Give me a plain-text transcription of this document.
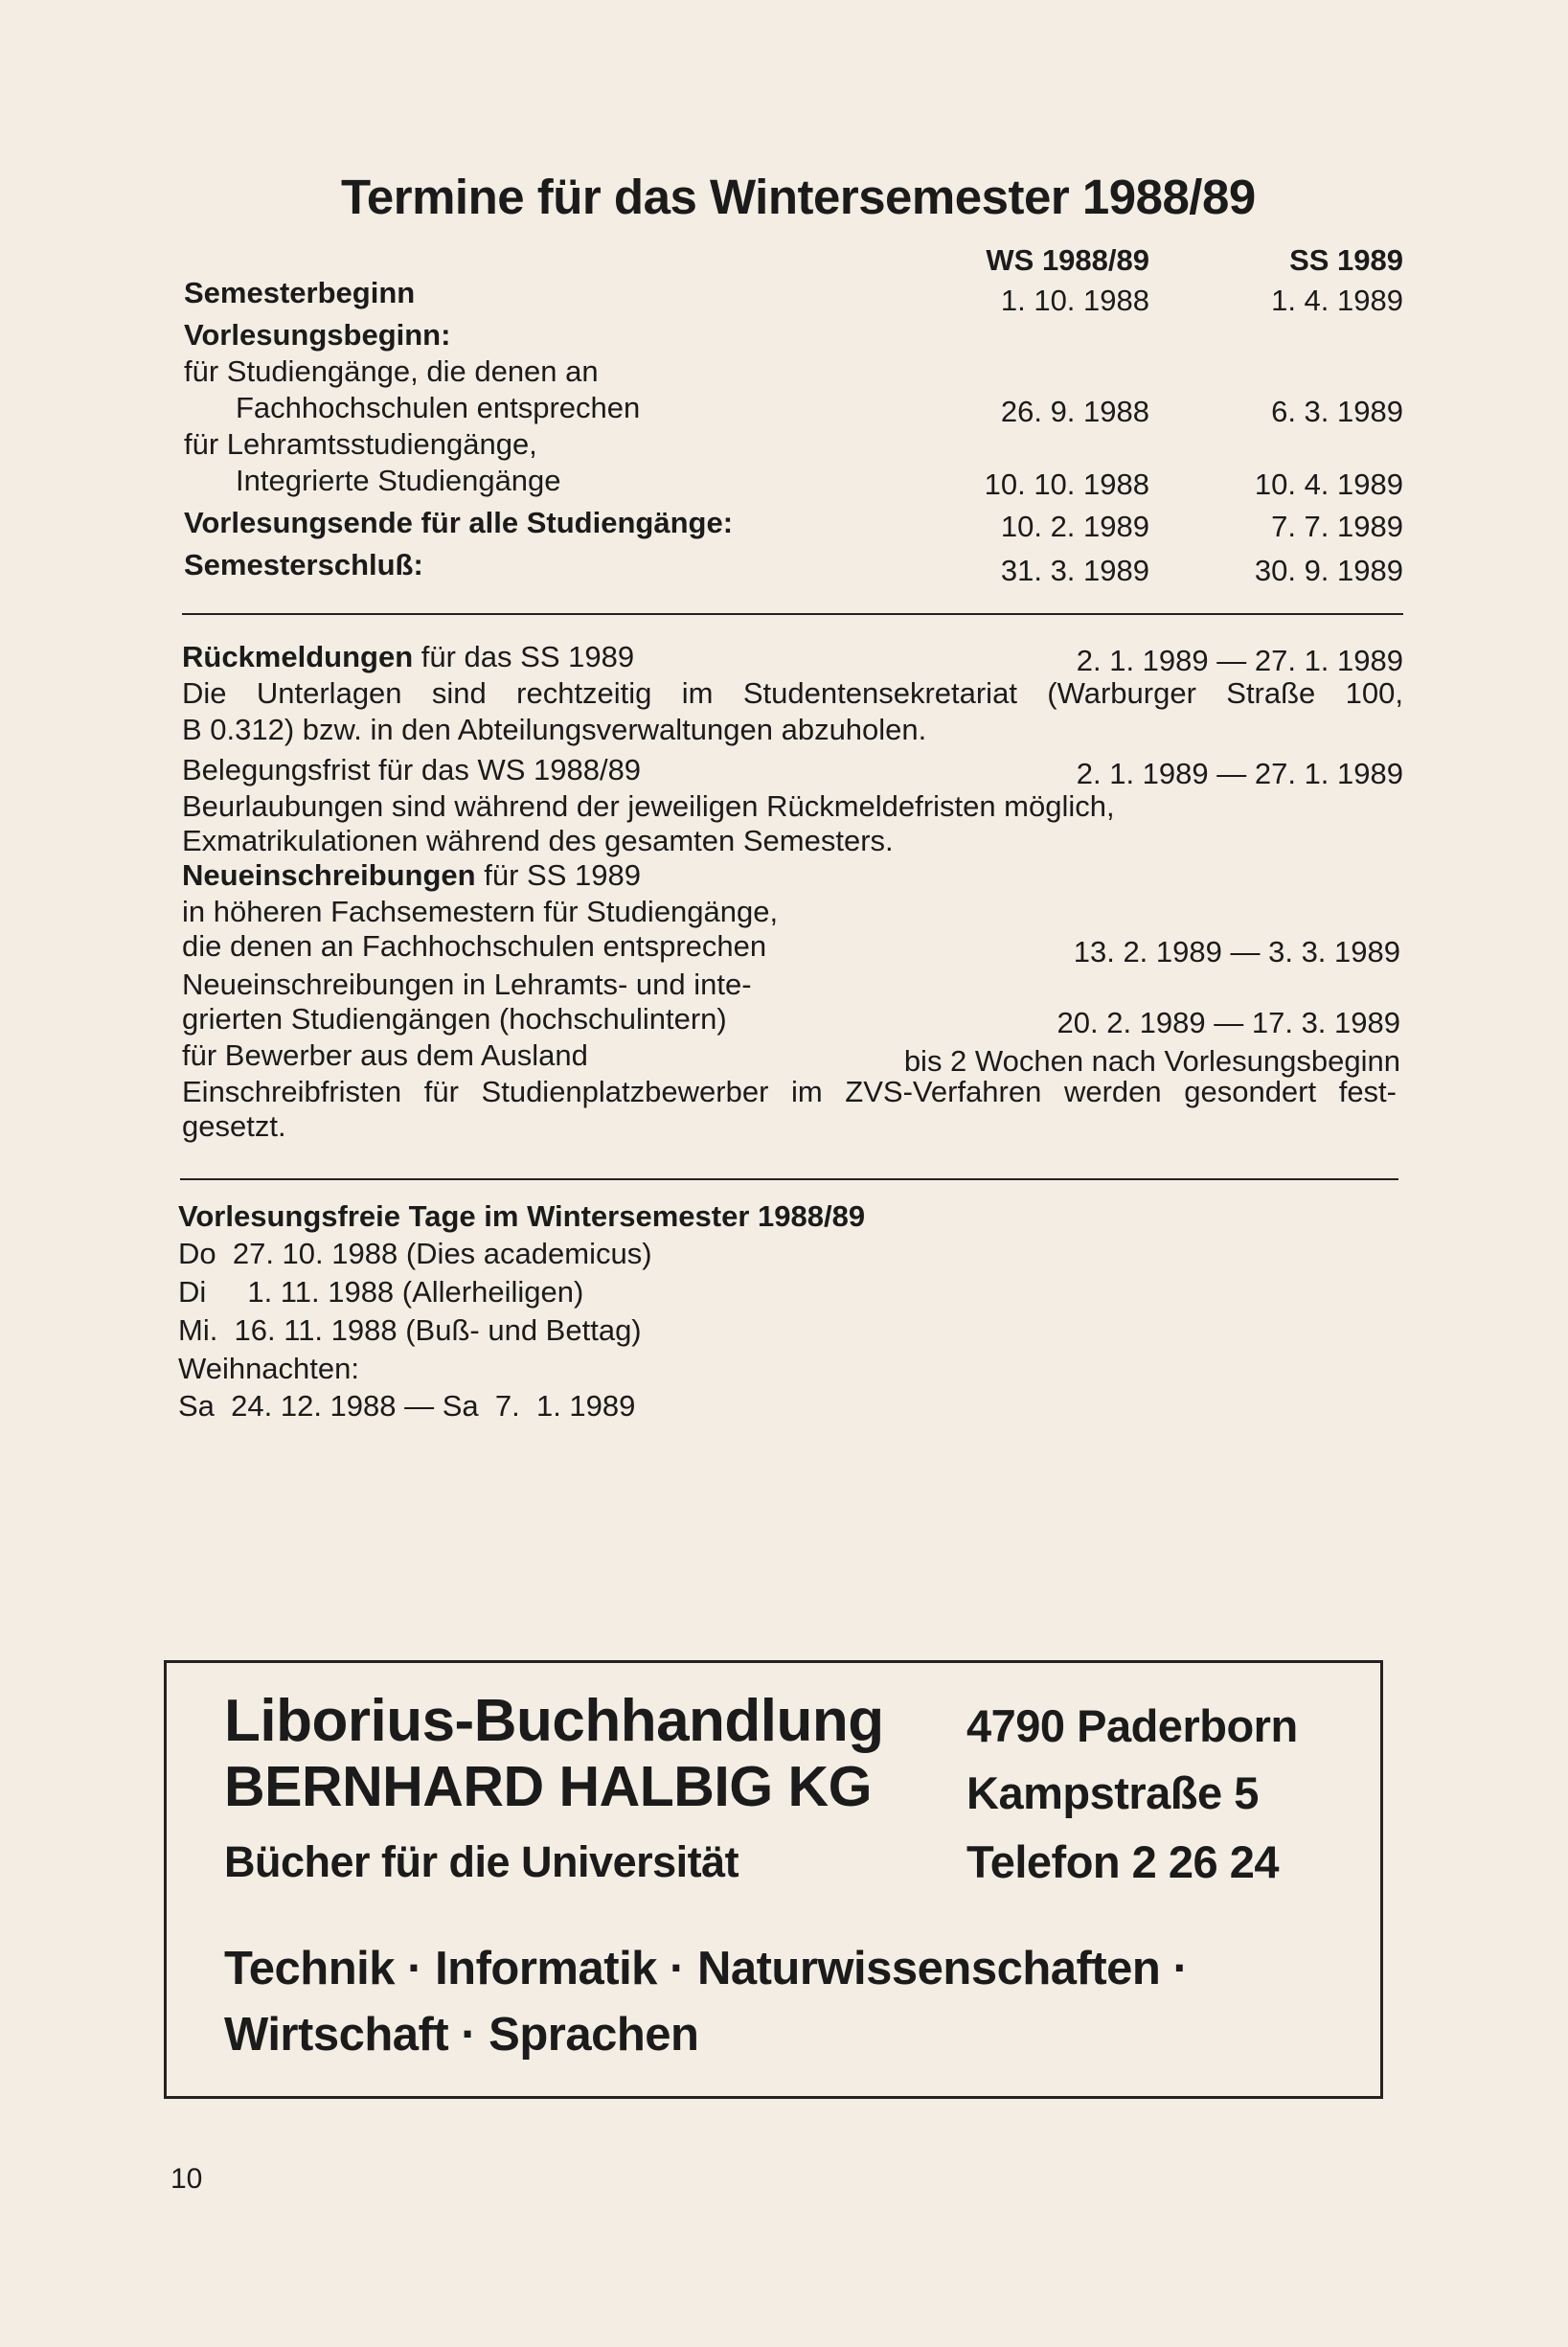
Termine für das Wintersemester 1988/89
WS 1988/89	SS 1989
Semesterbeginn	1. 10. 1988	1. 4. 1989
Vorlesungsbeginn:
für Studiengänge, die denen an
Fachhochschulen entsprechen	26. 9. 1988	6. 3. 1989
für Lehramtsstudiengänge,
Integrierte Studiengänge	10. 10. 1988	10. 4. 1989
Vorlesungsende für alle Studiengänge:	10. 2. 1989	7. 7. 1989
Semesterschluß:	31. 3. 1989	30. 9. 1989
Rückmeldungen für das SS 1989	2. 1. 1989 — 27. 1. 1989
Die Unterlagen sind rechtzeitig im Studentensekretariat (Warburger Straße 100,
B 0.312) bzw. in den Abteilungsverwaltungen abzuholen.
Belegungsfrist für das WS 1988/89	2. 1. 1989 — 27. 1. 1989
Beurlaubungen sind während der jeweiligen Rückmeldefristen möglich,
Exmatrikulationen während des gesamten Semesters.
Neueinschreibungen für SS 1989
in höheren Fachsemestern für Studiengänge,
die denen an Fachhochschulen entsprechen	13. 2. 1989 — 3. 3. 1989
Neueinschreibungen in Lehramts- und inte-
grierten Studiengängen (hochschulintern)	20. 2. 1989 — 17. 3. 1989
für Bewerber aus dem Ausland	bis 2 Wochen nach Vorlesungsbeginn
Einschreibfristen für Studienplatzbewerber im ZVS-Verfahren werden gesondert fest-
gesetzt.
Vorlesungsfreie Tage im Wintersemester 1988/89
Do  27. 10. 1988 (Dies academicus)
Di     1. 11. 1988 (Allerheiligen)
Mi.  16. 11. 1988 (Buß- und Bettag)
Weihnachten:
Sa  24. 12. 1988 — Sa  7.  1. 1989
Liborius-Buchhandlung
BERNHARD HALBIG KG
Bücher für die Universität
4790 Paderborn
Kampstraße 5
Telefon 2 26 24
Technik · Informatik · Naturwissenschaften ·
Wirtschaft · Sprachen
10
